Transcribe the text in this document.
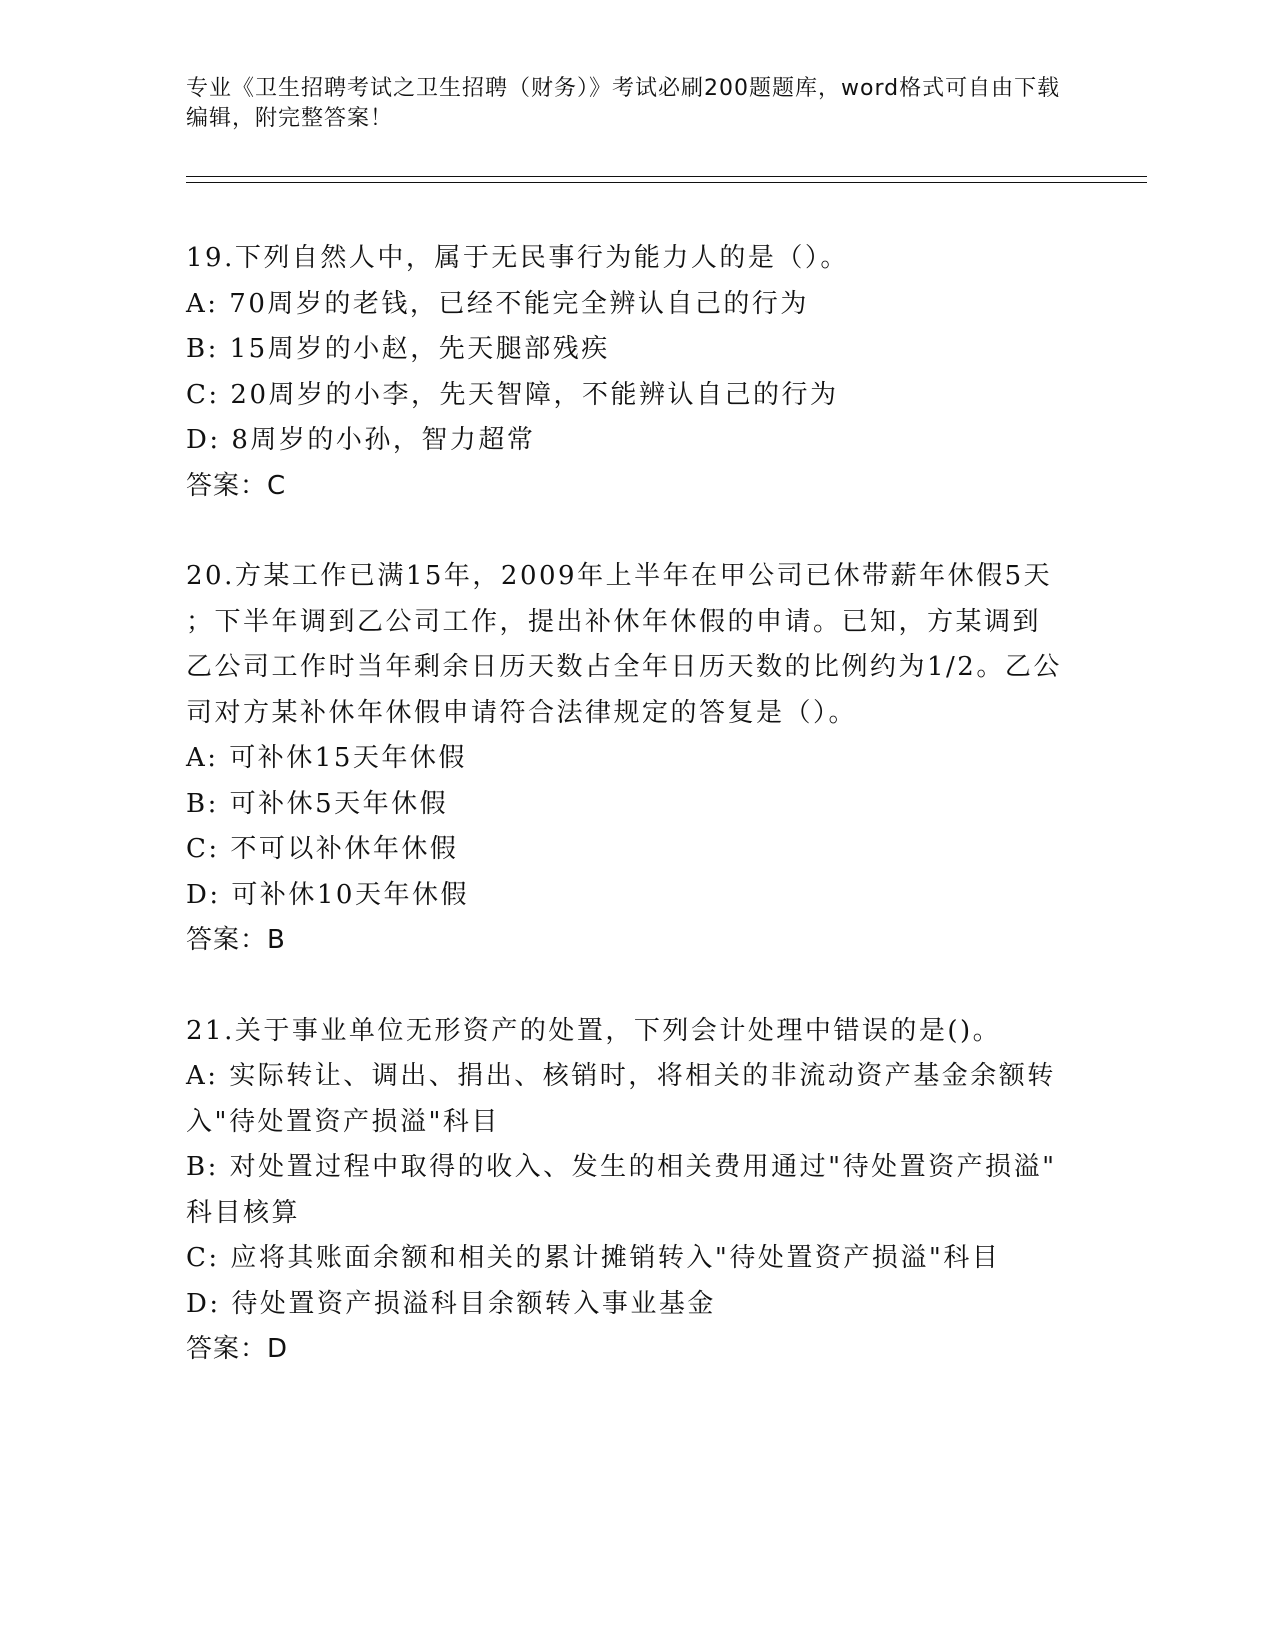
专业《卫生招聘考试之卫生招聘（财务）》考试必刷200题题库，word格式可自由下载编辑，附完整答案！
19.下列自然人中，属于无民事行为能力人的是（）。
A: 70周岁的老钱，已经不能完全辨认自己的行为
B: 15周岁的小赵，先天腿部残疾
C: 20周岁的小李，先天智障，不能辨认自己的行为
D: 8周岁的小孙，智力超常
答案：C
20.方某工作已满15年，2009年上半年在甲公司已休带薪年休假5天
；下半年调到乙公司工作，提出补休年休假的申请。已知，方某调到
乙公司工作时当年剩余日历天数占全年日历天数的比例约为1/2。乙公
司对方某补休年休假申请符合法律规定的答复是（）。
A: 可补休15天年休假
B: 可补休5天年休假
C: 不可以补休年休假
D: 可补休10天年休假
答案：B
21.关于事业单位无形资产的处置，下列会计处理中错误的是()。
A: 实际转让、调出、捐出、核销时，将相关的非流动资产基金余额转
入"待处置资产损溢"科目
B: 对处置过程中取得的收入、发生的相关费用通过"待处置资产损溢"
科目核算
C: 应将其账面余额和相关的累计摊销转入"待处置资产损溢"科目
D: 待处置资产损溢科目余额转入事业基金
答案：D
